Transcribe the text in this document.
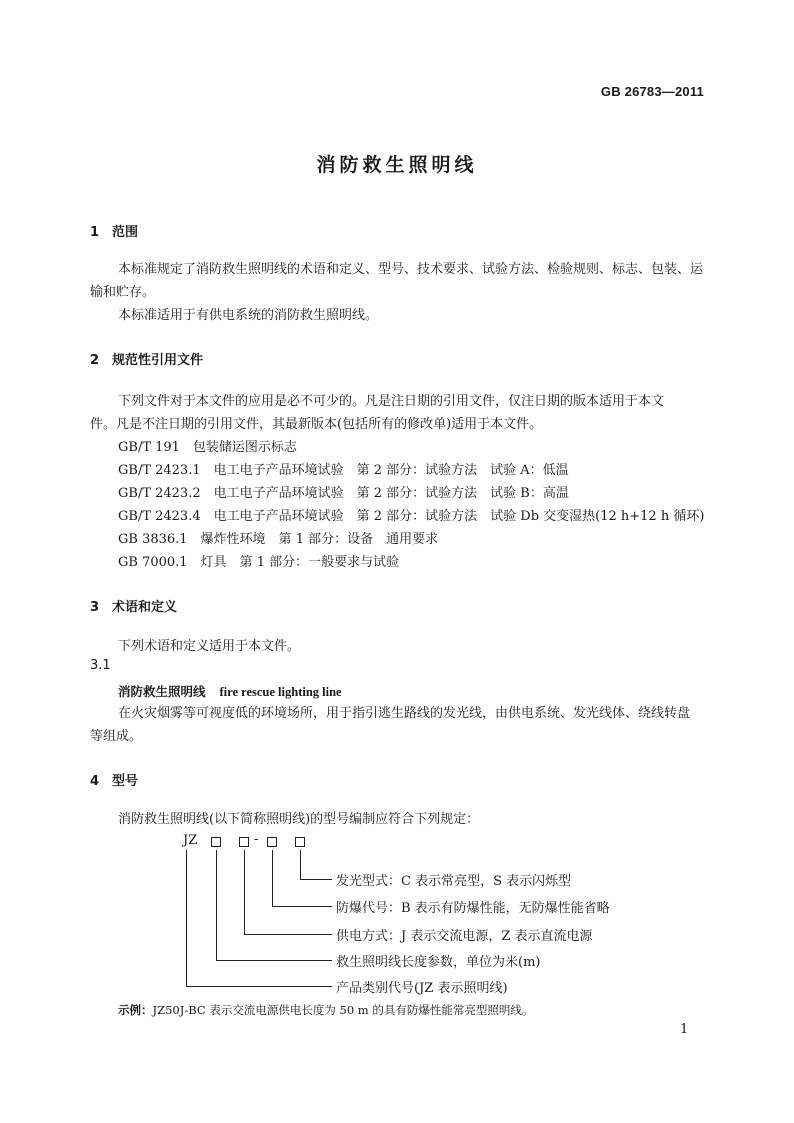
GB 26783—2011
消防救生照明线
1 范围
本标准规定了消防救生照明线的术语和定义、型号、技术要求、试验方法、检验规则、标志、包装、运
输和贮存。
本标准适用于有供电系统的消防救生照明线。
2 规范性引用文件
下列文件对于本文件的应用是必不可少的。凡是注日期的引用文件，仅注日期的版本适用于本文
件。凡是不注日期的引用文件，其最新版本(包括所有的修改单)适用于本文件。
GB/T 191　包装储运图示标志
GB/T 2423.1　电工电子产品环境试验　第 2 部分：试验方法　试验 A：低温
GB/T 2423.2　电工电子产品环境试验　第 2 部分：试验方法　试验 B：高温
GB/T 2423.4　电工电子产品环境试验　第 2 部分：试验方法　试验 Db 交变湿热(12 h+12 h 循环)
GB 3836.1　爆炸性环境　第 1 部分：设备　通用要求
GB 7000.1　灯具　第 1 部分：一般要求与试验
3 术语和定义
下列术语和定义适用于本文件。
3.1
消防救生照明线 fire rescue lighting line
在火灾烟雾等可视度低的环境场所，用于指引逃生路线的发光线，由供电系统、发光线体、绕线转盘
等组成。
4 型号
消防救生照明线(以下简称照明线)的型号编制应符合下列规定：
JZ	-
发光型式：C 表示常亮型，S 表示闪烁型
防爆代号：B 表示有防爆性能，无防爆性能省略
供电方式：J 表示交流电源，Z 表示直流电源
救生照明线长度参数，单位为米(m)
产品类别代号(JZ 表示照明线)
示例：JZ50J-BC 表示交流电源供电长度为 50 m 的具有防爆性能常亮型照明线。
1
